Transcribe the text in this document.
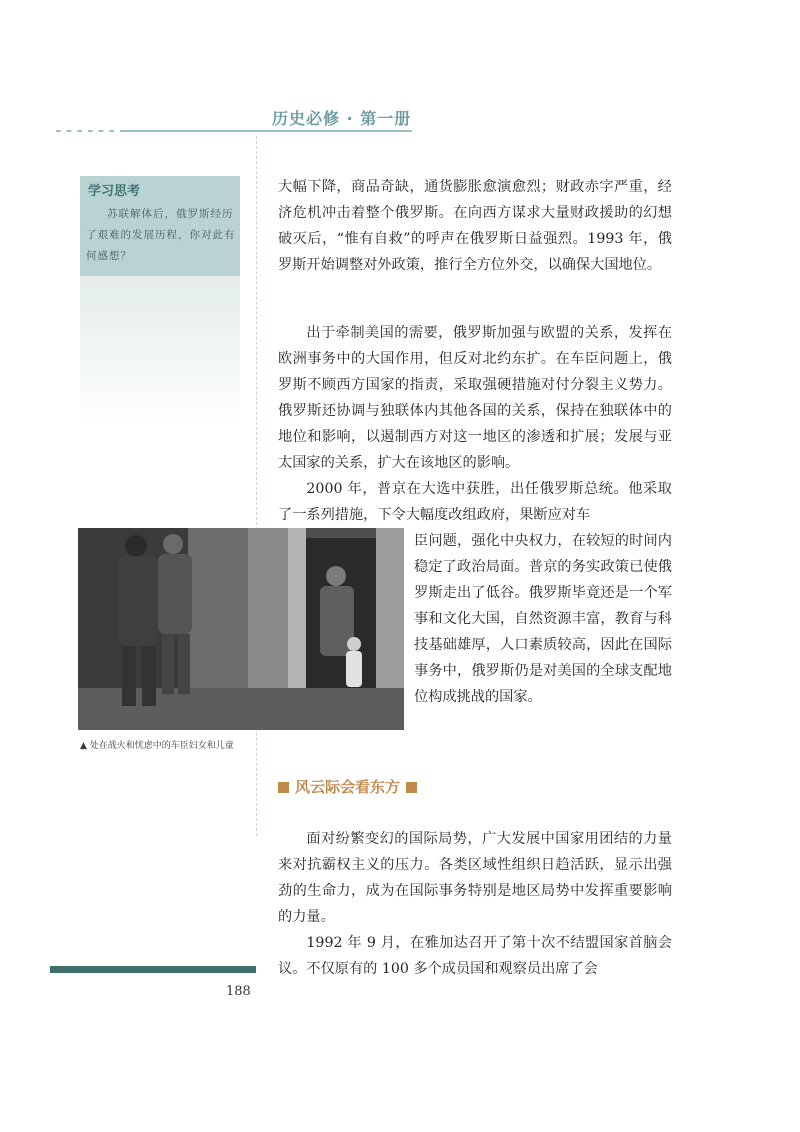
历史必修 · 第一册
学习思考
苏联解体后，俄罗斯经历了艰难的发展历程，你对此有何感想？

大幅下降，商品奇缺，通货膨胀愈演愈烈；财政赤字严重，经济危机冲击着整个俄罗斯。在向西方谋求大量财政援助的幻想破灭后，“惟有自救”的呼声在俄罗斯日益强烈。1993 年，俄罗斯开始调整对外政策，推行全方位外交，以确保大国地位。

出于牵制美国的需要，俄罗斯加强与欧盟的关系，发挥在欧洲事务中的大国作用，但反对北约东扩。在车臣问题上，俄罗斯不顾西方国家的指责，采取强硬措施对付分裂主义势力。俄罗斯还协调与独联体内其他各国的关系，保持在独联体中的地位和影响，以遏制西方对这一地区的渗透和扩展；发展与亚太国家的关系，扩大在该地区的影响。

2000 年，普京在大选中获胜，出任俄罗斯总统。他采取了一系列措施，下令大幅度改组政府，果断应对车

臣问题，强化中央权力，在较短的时间内稳定了政治局面。普京的务实政策已使俄罗斯走出了低谷。俄罗斯毕竟还是一个军事和文化大国，自然资源丰富，教育与科技基础雄厚，人口素质较高，因此在国际事务中，俄罗斯仍是对美国的全球支配地位构成挑战的国家。

▲ 处在战火和忧虑中的车臣妇女和儿童
风云际会看东方

面对纷繁变幻的国际局势，广大发展中国家用团结的力量来对抗霸权主义的压力。各类区域性组织日趋活跃，显示出强劲的生命力，成为在国际事务特别是地区局势中发挥重要影响的力量。

1992 年 9 月，在雅加达召开了第十次不结盟国家首脑会议。不仅原有的 100 多个成员国和观察员出席了会

188
